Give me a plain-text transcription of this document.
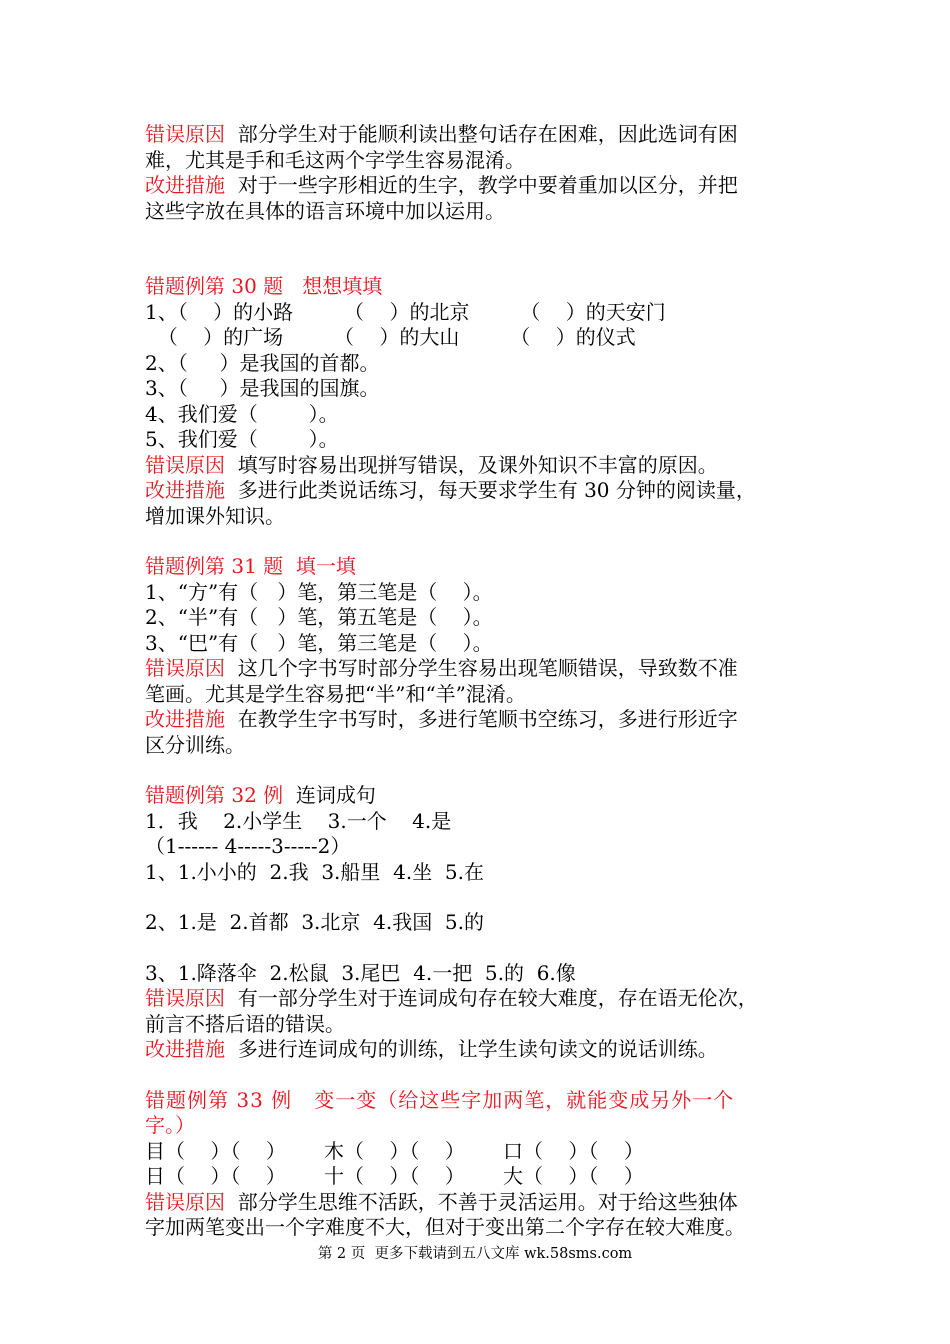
错误原因  部分学生对于能顺利读出整句话存在困难，因此选词有困
难，尤其是手和毛这两个字学生容易混淆。
改进措施  对于一些字形相近的生字，教学中要着重加以区分，并把
这些字放在具体的语言环境中加以运用。
错题例第 30 题   想想填填
1、（    ）的小路        （    ）的北京        （    ）的天安门
（    ）的广场        （    ）的大山        （    ）的仪式
2、（     ）是我国的首都。
3、（     ）是我国的国旗。
4、我们爱（        ）。
5、我们爱（        ）。
错误原因  填写时容易出现拼写错误，及课外知识不丰富的原因。
改进措施  多进行此类说话练习，每天要求学生有 30 分钟的阅读量，
增加课外知识。
错题例第 31 题  填一填
1、“方”有（   ）笔，第三笔是（    ）。
2、“半”有（   ）笔，第五笔是（    ）。
3、“巴”有（   ）笔，第三笔是（    ）。
错误原因  这几个字书写时部分学生容易出现笔顺错误，导致数不准
笔画。尤其是学生容易把“半”和“羊”混淆。
改进措施  在教学生字书写时，多进行笔顺书空练习，多进行形近字
区分训练。
错题例第 32 例  连词成句
1．我    2.小学生    3.一个    4.是
（1------ 4-----3-----2）
1、1.小小的  2.我  3.船里  4.坐  5.在
2、1.是  2.首都  3.北京  4.我国  5.的
3、1.降落伞  2.松鼠  3.尾巴  4.一把  5.的  6.像
错误原因  有一部分学生对于连词成句存在较大难度，存在语无伦次，
前言不搭后语的错误。
改进措施  多进行连词成句的训练，让学生读句读文的说话训练。
错题例第 33 例   变一变（给这些字加两笔，就能变成另外一个
字。）
目（    ）（    ）      木（    ）（    ）      口（    ）（    ）
日（    ）（    ）      十（    ）（    ）      大（    ）（    ）
错误原因  部分学生思维不活跃，不善于灵活运用。对于给这些独体
字加两笔变出一个字难度不大，但对于变出第二个字存在较大难度。
第 2 页  更多下载请到五八文库 wk.58sms.com
